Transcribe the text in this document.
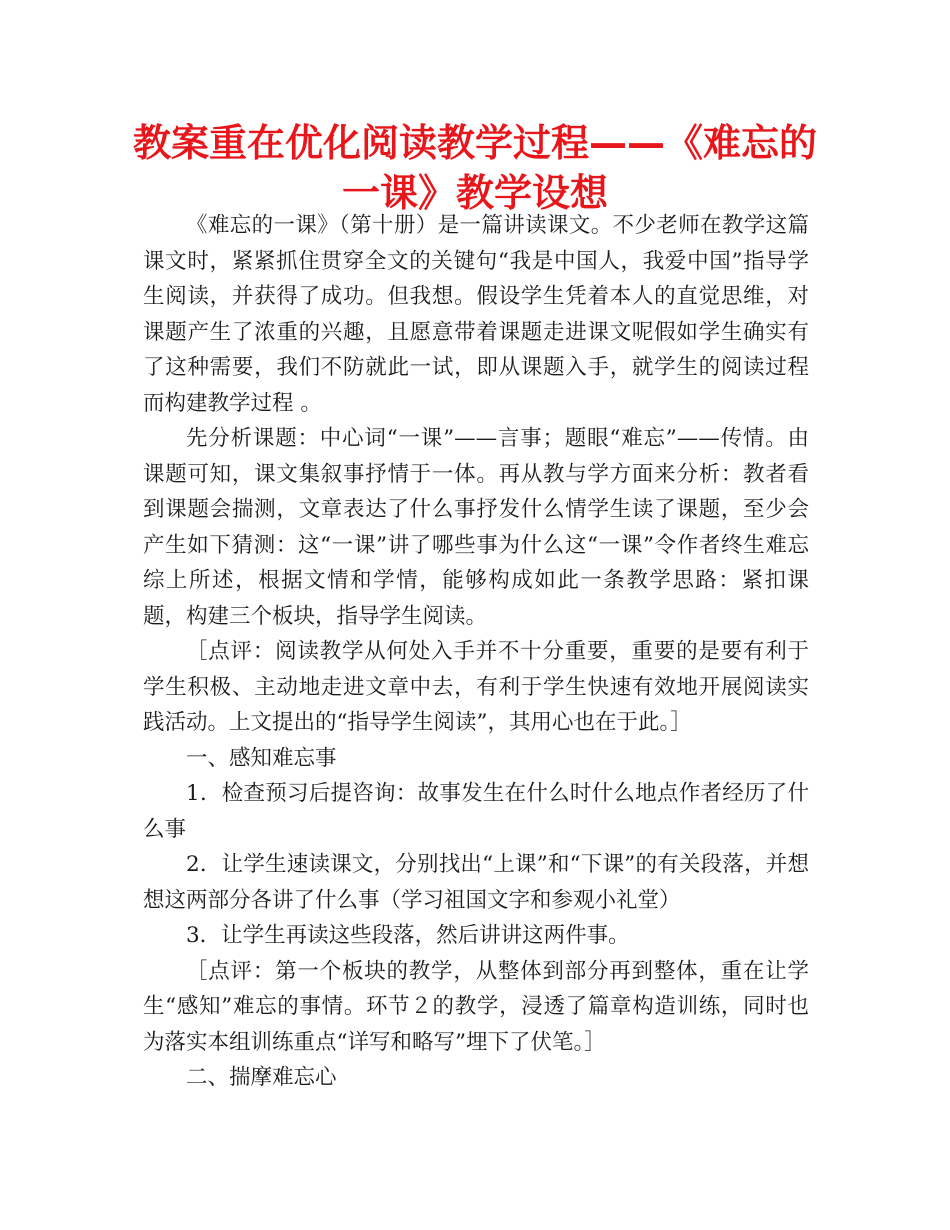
教案重在优化阅读教学过程——《难忘的一课》教学设想

《难忘的一课》（第十册）是一篇讲读课文。不少老师在教学这篇课文时，紧紧抓住贯穿全文的关键句“我是中国人，我爱中国”指导学生阅读，并获得了成功。但我想。假设学生凭着本人的直觉思维，对课题产生了浓重的兴趣，且愿意带着课题走进课文呢假如学生确实有了这种需要，我们不防就此一试，即从课题入手，就学生的阅读过程而构建教学过程 。

先分析课题：中心词“一课”——言事；题眼“难忘”——传情。由课题可知，课文集叙事抒情于一体。再从教与学方面来分析：教者看到课题会揣测，文章表达了什么事抒发什么情学生读了课题，至少会产生如下猜测：这“一课”讲了哪些事为什么这“一课”令作者终生难忘综上所述，根据文情和学情，能够构成如此一条教学思路：紧扣课题，构建三个板块，指导学生阅读。

［点评：阅读教学从何处入手并不十分重要，重要的是要有利于学生积极、主动地走进文章中去，有利于学生快速有效地开展阅读实践活动。上文提出的“指导学生阅读”，其用心也在于此。］

一、感知难忘事

1．检查预习后提咨询：故事发生在什么时什么地点作者经历了什么事

2．让学生速读课文，分别找出“上课”和“下课”的有关段落，并想想这两部分各讲了什么事（学习祖国文字和参观小礼堂）

3．让学生再读这些段落，然后讲讲这两件事。

［点评：第一个板块的教学，从整体到部分再到整体，重在让学生“感知”难忘的事情。环节２的教学，浸透了篇章构造训练，同时也为落实本组训练重点“详写和略写”埋下了伏笔。］

二、揣摩难忘心
